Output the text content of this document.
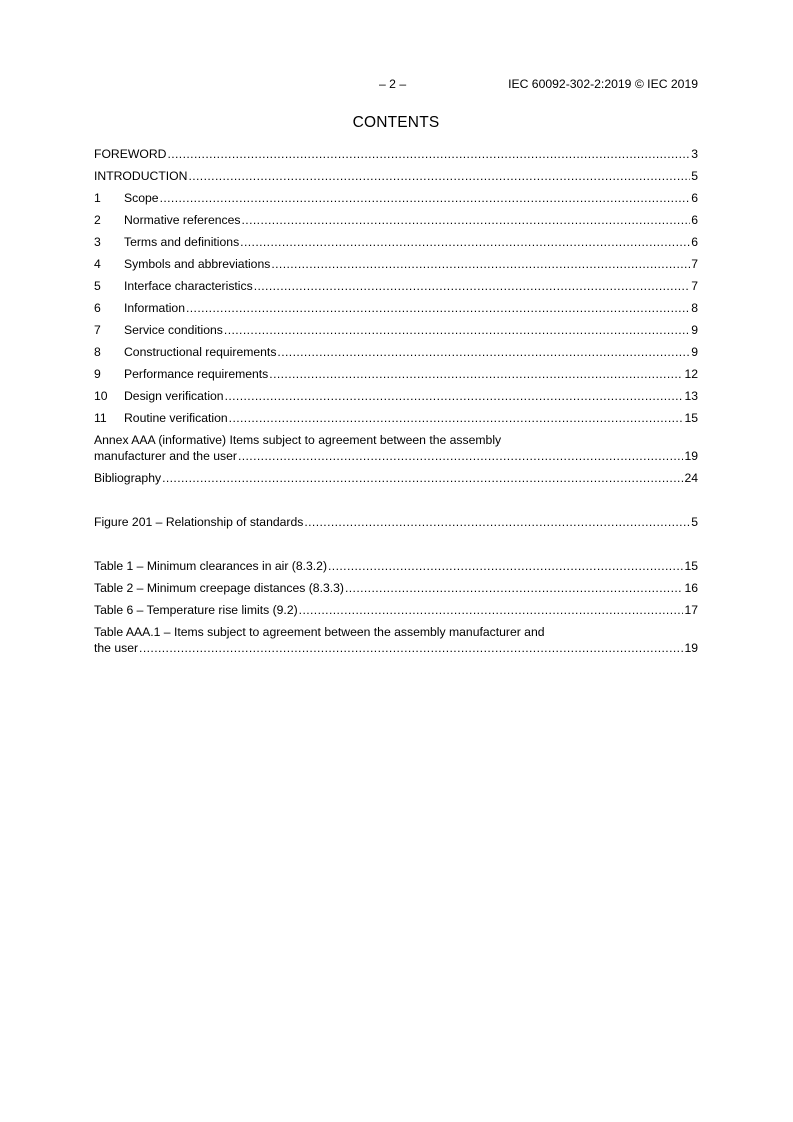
– 2 –	IEC 60092-302-2:2019 © IEC 2019
CONTENTS
FOREWORD .....	3
INTRODUCTION .....	5
1	Scope .....	6
2	Normative references .....	6
3	Terms and definitions .....	6
4	Symbols and abbreviations .....	7
5	Interface characteristics .....	7
6	Information .....	8
7	Service conditions .....	9
8	Constructional requirements .....	9
9	Performance requirements .....	12
10	Design verification .....	13
11	Routine verification .....	15
Annex AAA (informative) Items subject to agreement between the assembly
manufacturer and the user .....	19
Bibliography .....	24
Figure 201 – Relationship of standards .....	5
Table 1 – Minimum clearances in air (8.3.2) .....	15
Table 2 – Minimum creepage distances (8.3.3) .....	16
Table 6 – Temperature rise limits (9.2) .....	17
Table AAA.1 – Items subject to agreement between the assembly manufacturer and
the user .....	19
